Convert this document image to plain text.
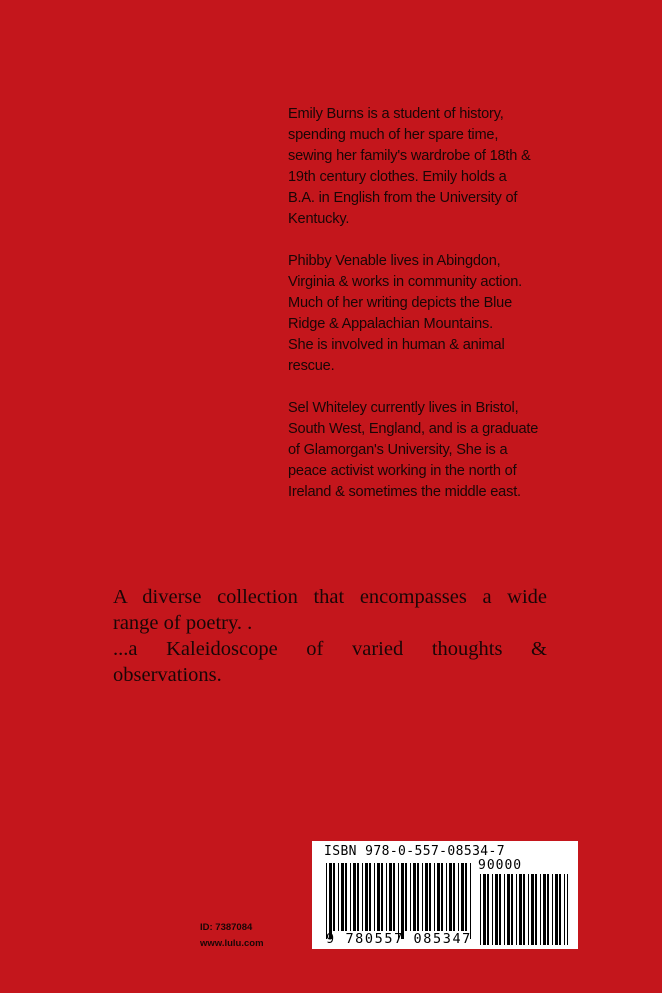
Emily Burns is a student of history,
spending much of her spare time,
sewing her family's wardrobe of 18th &
19th century clothes. Emily holds a
B.A. in English from the University of
Kentucky.

Phibby Venable lives in Abingdon,
Virginia & works in community action.
Much of her writing depicts the Blue
Ridge & Appalachian Mountains.
She is involved in human & animal
rescue.

Sel Whiteley currently lives in Bristol,
South West, England, and is a graduate
of Glamorgan's University, She is a
peace activist working in the north of
Ireland & sometimes the middle east.

A diverse collection that encompasses a wide

range of poetry. .

...a Kaleidoscope of varied thoughts &

observations.

ID: 7387084
www.lulu.com
ISBN 978-0-557-08534-7
90000
9 780557 085347
